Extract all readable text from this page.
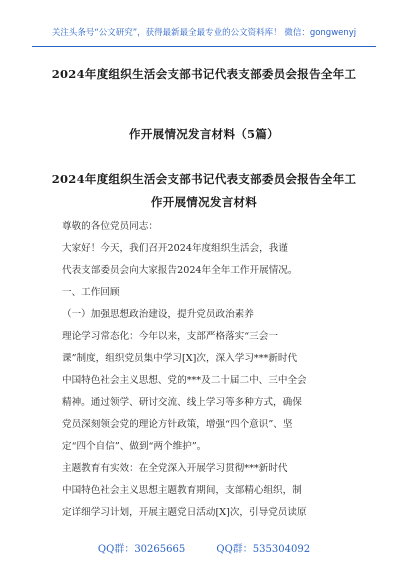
关注头条号“公文研究”，获得最新最全最专业的公文资料库！ 微信：gongwenyj
2024年度组织生活会支部书记代表支部委员会报告全年工
作开展情况发言材料（5篇）
2024年度组织生活会支部书记代表支部委员会报告全年工
作开展情况发言材料

尊敬的各位党员同志：

大家好！今天，我们召开2024年度组织生活会，我谨

代表支部委员会向大家报告2024年全年工作开展情况。

一、工作回顾

（一）加强思想政治建设，提升党员政治素养

理论学习常态化：今年以来，支部严格落实“三会一

课”制度，组织党员集中学习[X]次，深入学习***新时代

中国特色社会主义思想、党的***及二十届二中、三中全会

精神。通过领学、研讨交流、线上学习等多种方式，确保

党员深刻领会党的理论方针政策，增强“四个意识”、坚

定“四个自信”、做到“两个维护”。

主题教育有实效：在全党深入开展学习贯彻***新时代

中国特色社会主义思想主题教育期间，支部精心组织，制

定详细学习计划，开展主题党日活动[X]次，引导党员读原

QQ群：30265665	QQ群：535304092
